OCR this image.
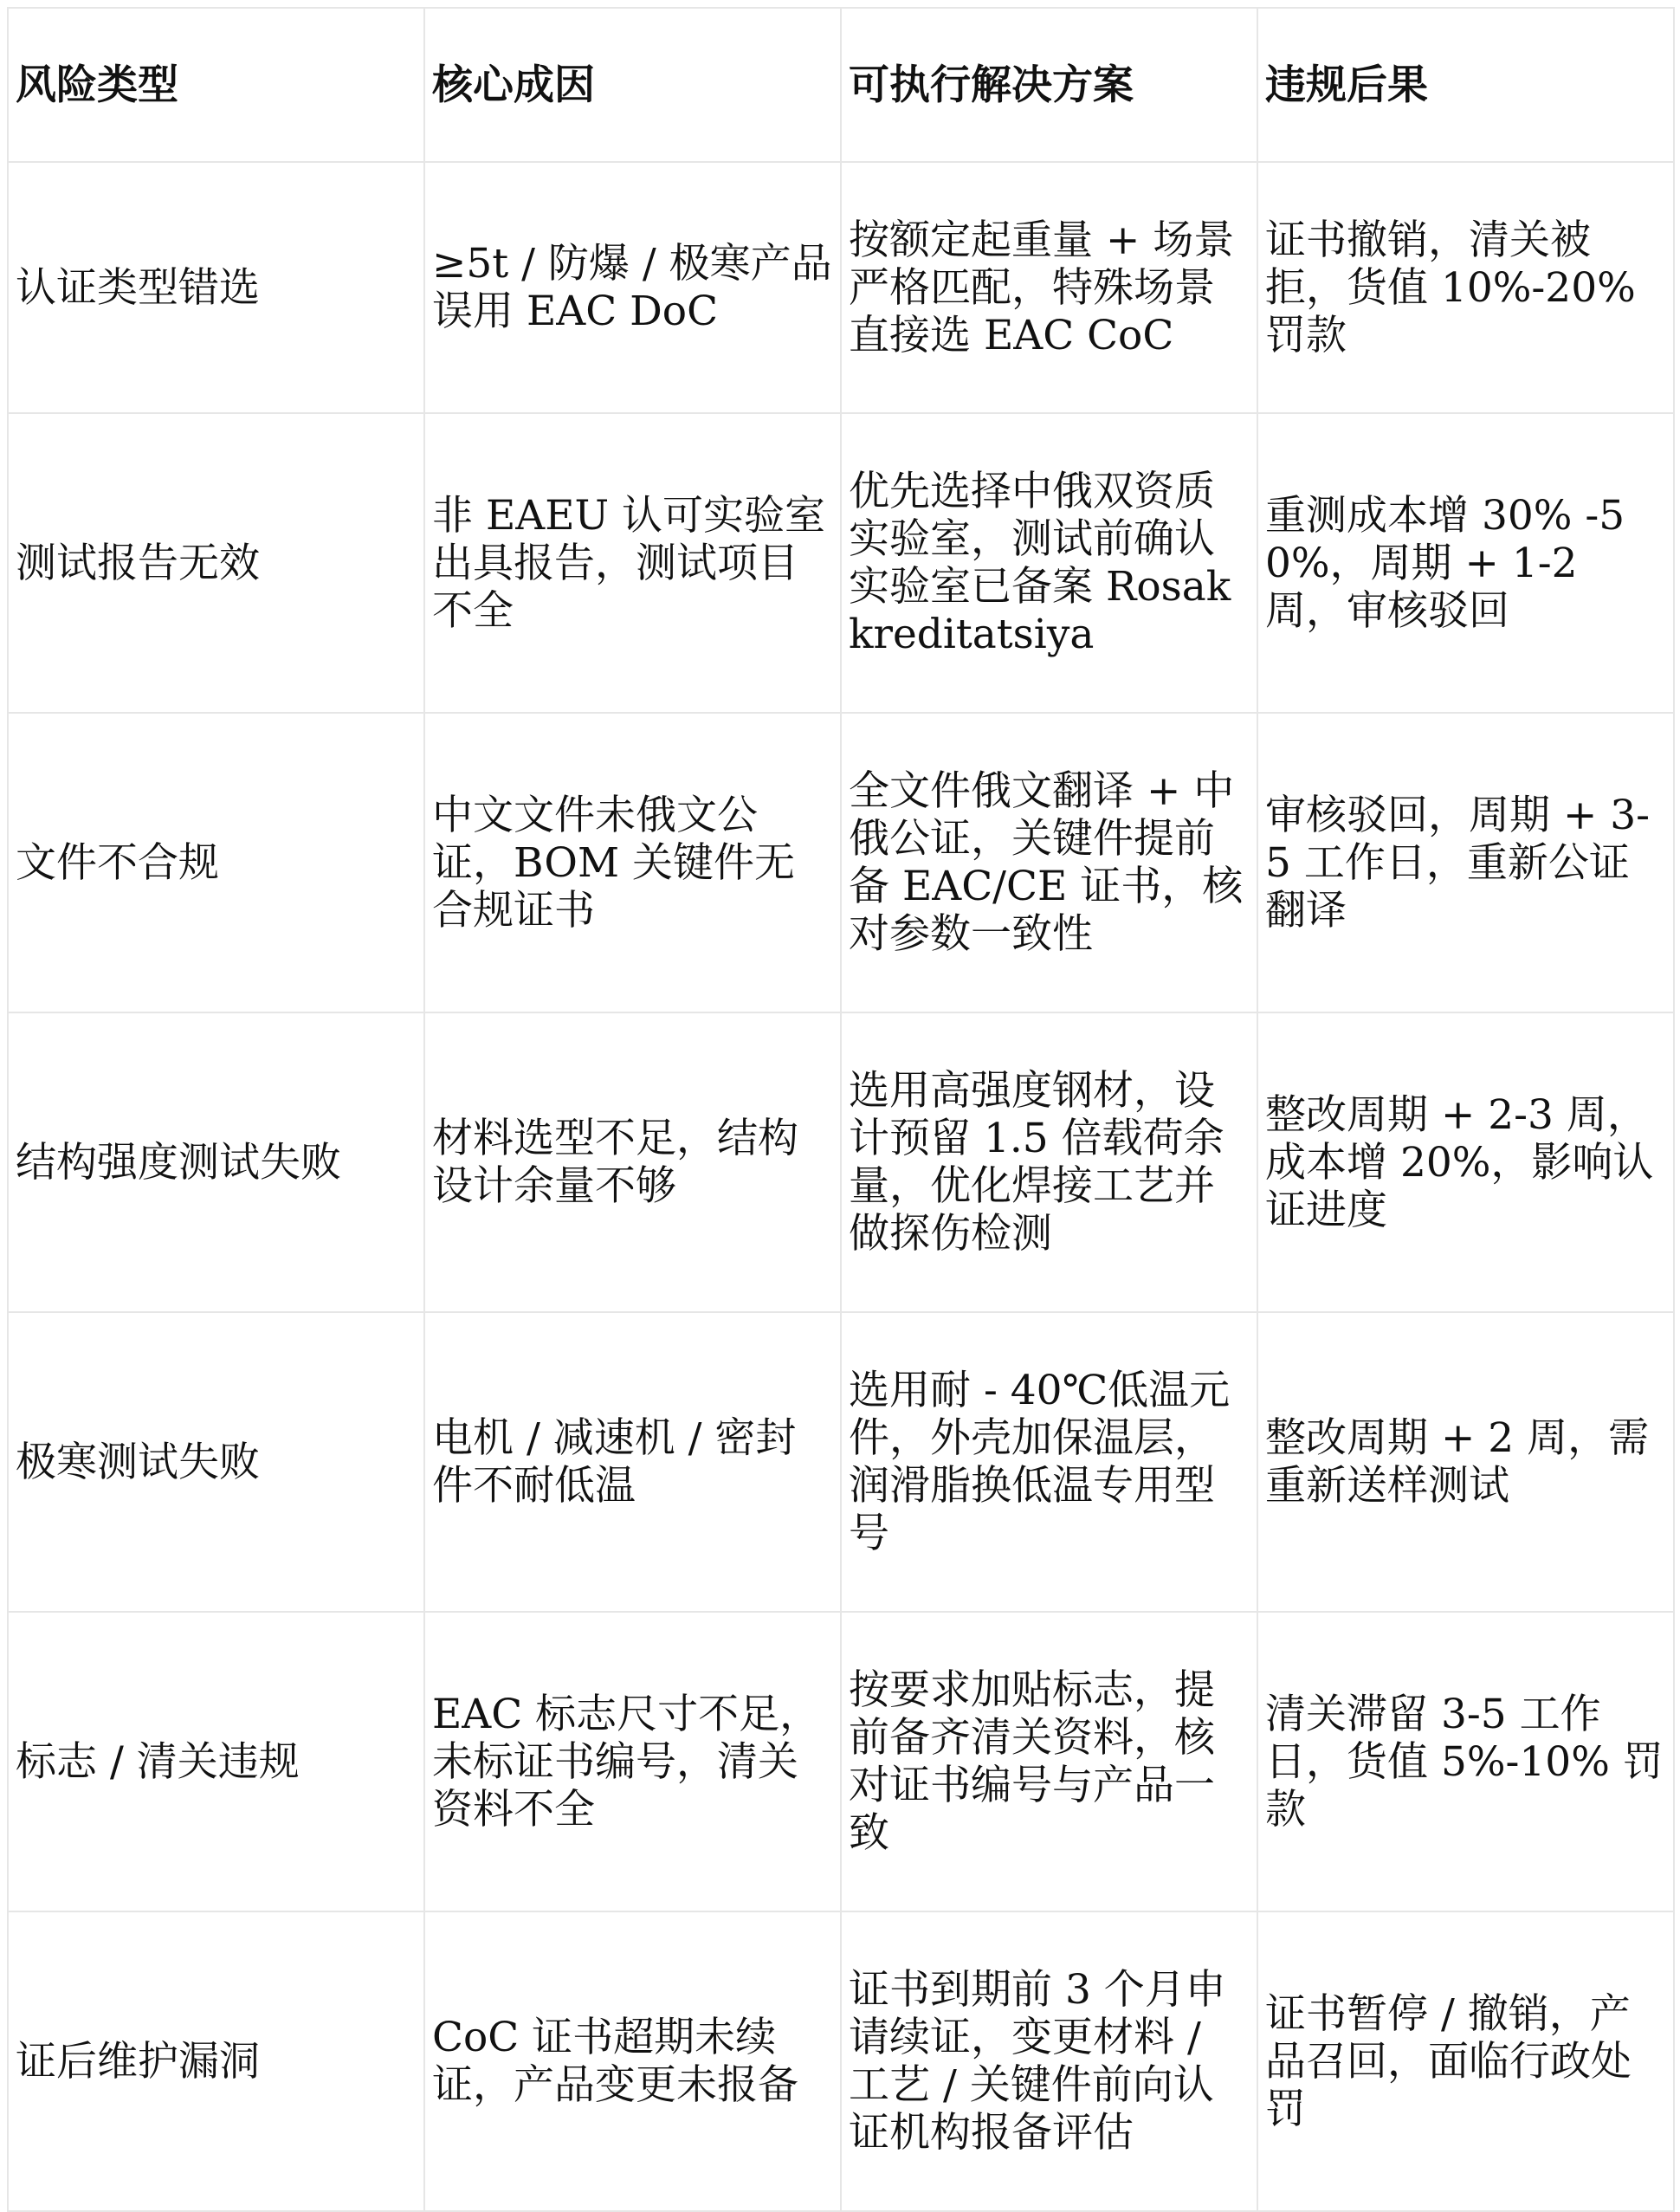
风险类型	核心成因	可执行解决方案	违规后果
认证类型错选	≥5t / 防爆 / 极寒产品误用 EAC DoC	按额定起重量 + 场景严格匹配，特殊场景直接选 EAC CoC	证书撤销，清关被拒，货值 10%-20% 罚款
测试报告无效	非 EAEU 认可实验室出具报告，测试项目不全	优先选择中俄双资质实验室，测试前确认实验室已备案 Rosakkreditatsiya	重测成本增 30% -50%，周期 + 1-2 周，审核驳回
文件不合规	中文文件未俄文公证，BOM 关键件无合规证书	全文件俄文翻译 + 中俄公证，关键件提前备 EAC/CE 证书，核对参数一致性	审核驳回，周期 + 3-5 工作日，重新公证翻译
结构强度测试失败	材料选型不足，结构设计余量不够	选用高强度钢材，设计预留 1.5 倍载荷余量，优化焊接工艺并做探伤检测	整改周期 + 2-3 周，成本增 20%，影响认证进度
极寒测试失败	电机 / 减速机 / 密封件不耐低温	选用耐 - 40℃低温元件，外壳加保温层，润滑脂换低温专用型号	整改周期 + 2 周，需重新送样测试
标志 / 清关违规	EAC 标志尺寸不足，未标证书编号，清关资料不全	按要求加贴标志，提前备齐清关资料，核对证书编号与产品一致	清关滞留 3-5 工作日，货值 5%-10% 罚款
证后维护漏洞	CoC 证书超期未续证，产品变更未报备	证书到期前 3 个月申请续证，变更材料 / 工艺 / 关键件前向认证机构报备评估	证书暂停 / 撤销，产品召回，面临行政处罚
